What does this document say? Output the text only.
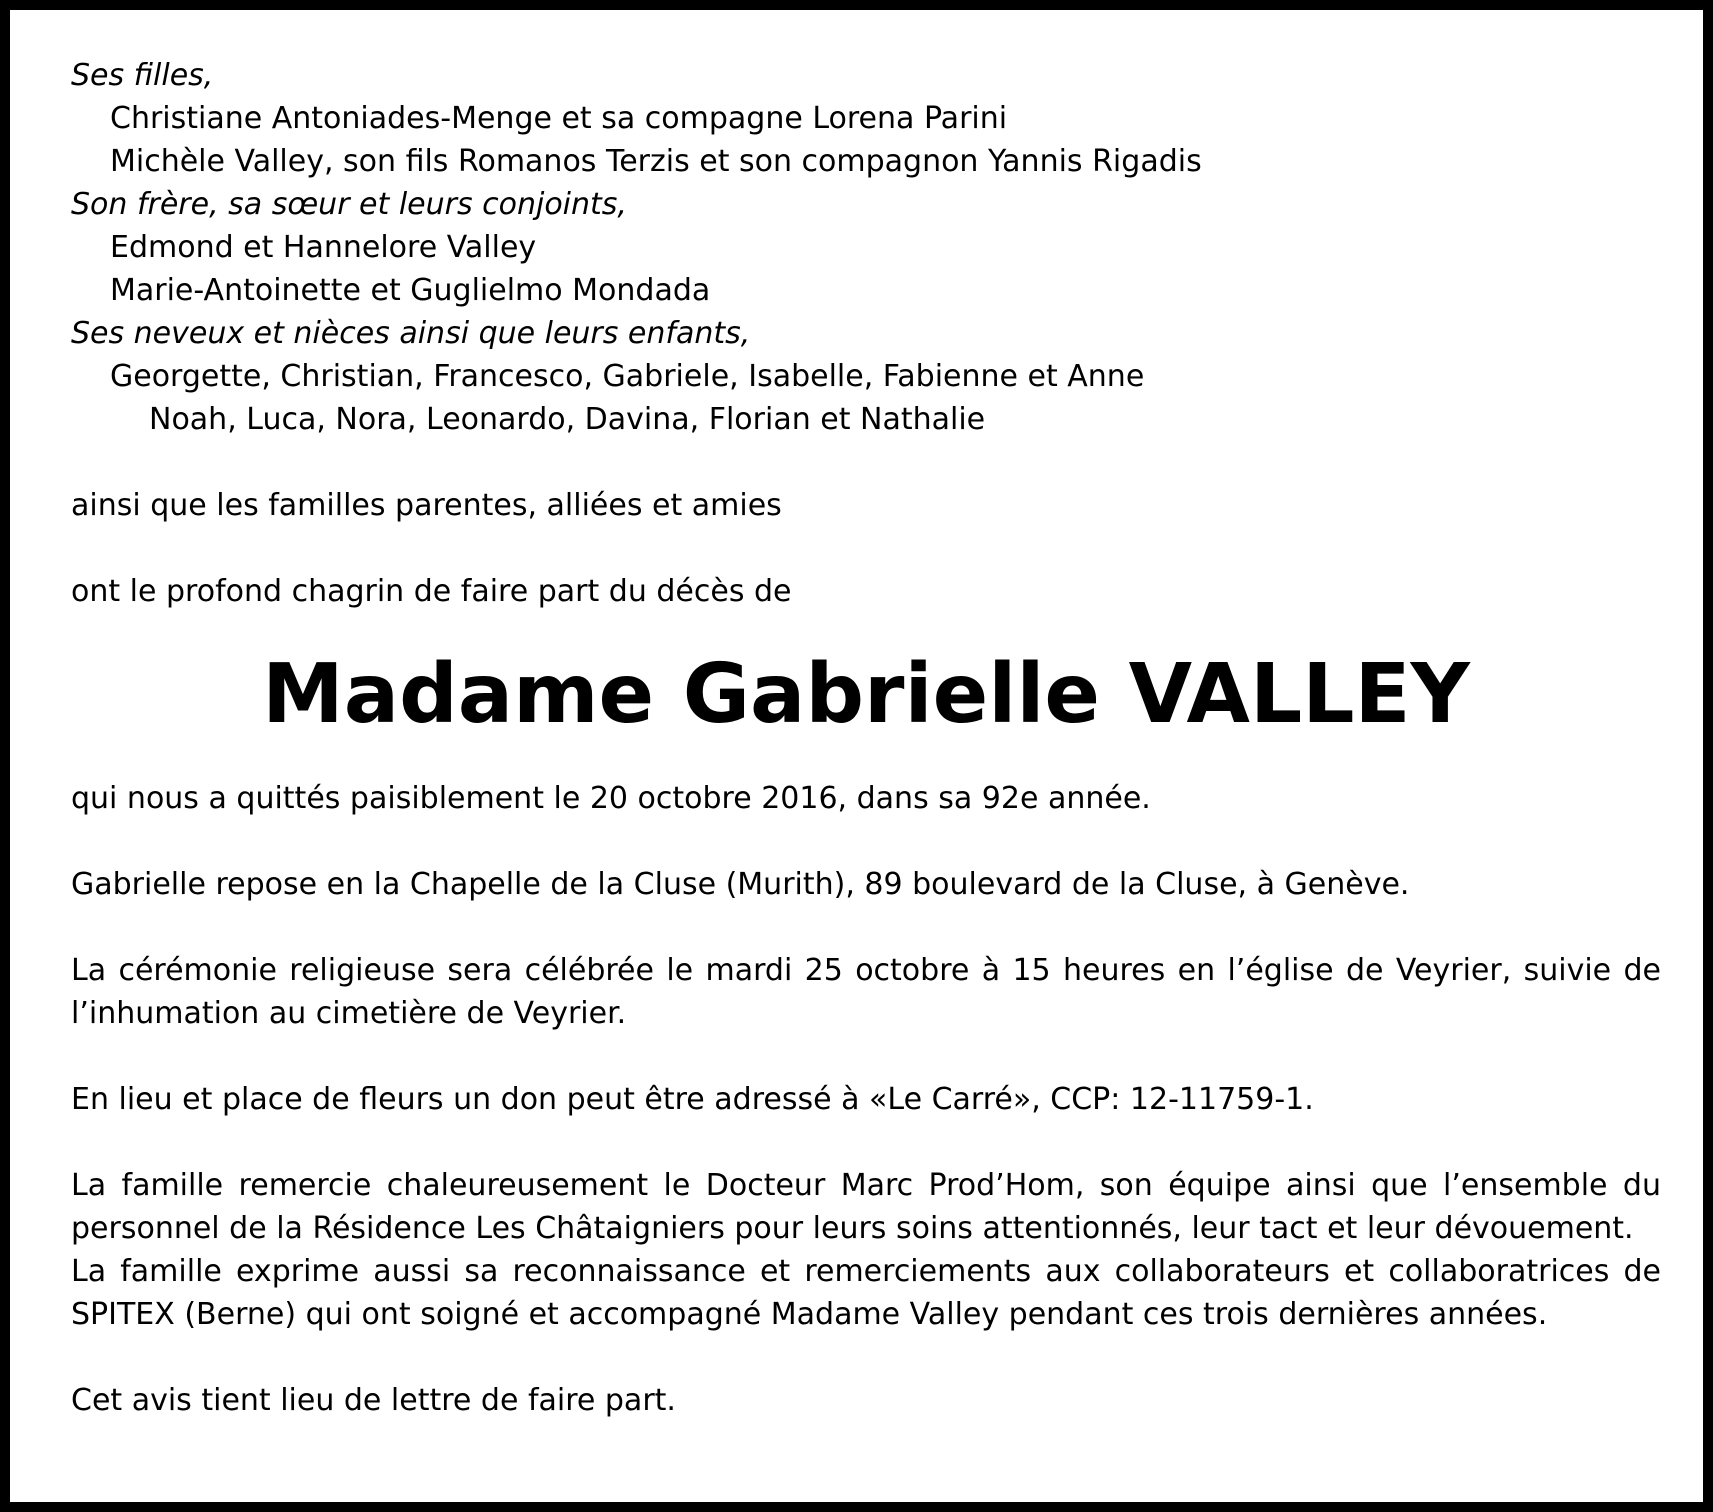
Ses filles,
Christiane Antoniades-Menge et sa compagne Lorena Parini
Michèle Valley, son fils Romanos Terzis et son compagnon Yannis Rigadis
Son frère, sa sœur et leurs conjoints,
Edmond et Hannelore Valley
Marie-Antoinette et Guglielmo Mondada
Ses neveux et nièces ainsi que leurs enfants,
Georgette, Christian, Francesco, Gabriele, Isabelle, Fabienne et Anne
Noah, Luca, Nora, Leonardo, Davina, Florian et Nathalie
ainsi que les familles parentes, alliées et amies
ont le profond chagrin de faire part du décès de
Madame Gabrielle VALLEY
qui nous a quittés paisiblement le 20 octobre 2016, dans sa 92e année.
Gabrielle repose en la Chapelle de la Cluse (Murith), 89 boulevard de la Cluse, à Genève.
La cérémonie religieuse sera célébrée le mardi 25 octobre à 15 heures en l’église de Veyrier, suivie de l’inhumation au cimetière de Veyrier.
En lieu et place de fleurs un don peut être adressé à «Le Carré», CCP: 12-11759-1.
La famille remercie chaleureusement le Docteur Marc Prod’Hom, son équipe ainsi que l’ensemble du personnel de la Résidence Les Châtaigniers pour leurs soins attentionnés, leur tact et leur dévouement.
La famille exprime aussi sa reconnaissance et remerciements aux collaborateurs et collaboratrices de SPITEX (Berne) qui ont soigné et accompagné Madame Valley pendant ces trois dernières années.
Cet avis tient lieu de lettre de faire part.
